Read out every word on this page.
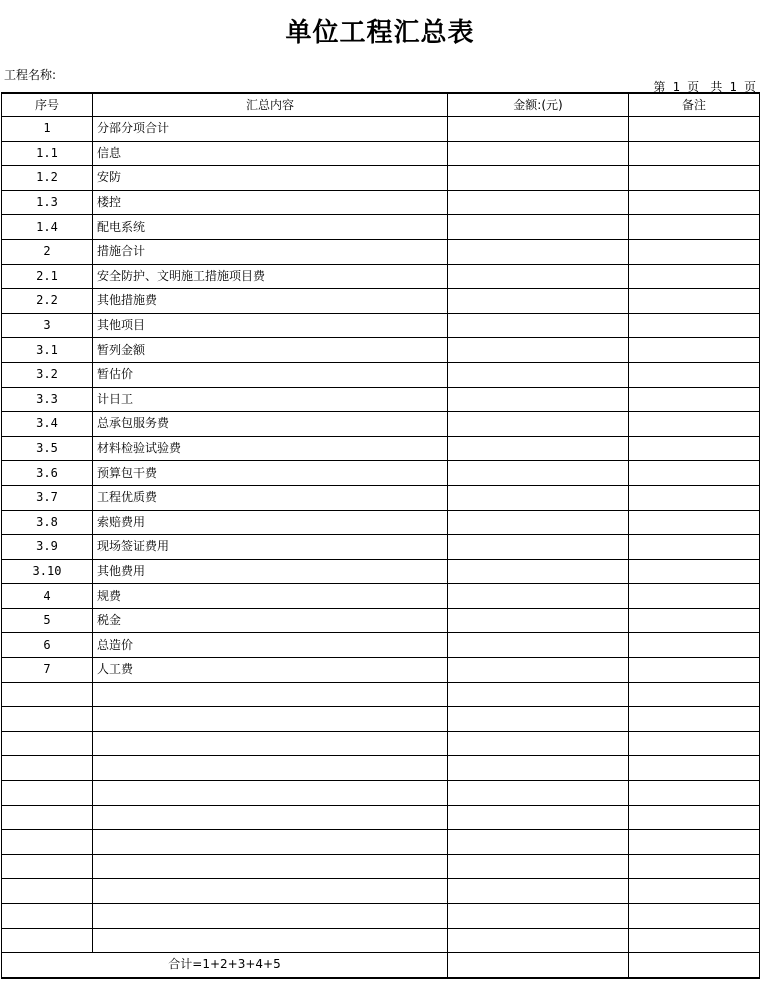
单位工程汇总表
工程名称:
第 1 页 共 1 页
序号	汇总内容	金额:(元)	备注
1	分部分项合计		
1.1	信息		
1.2	安防		
1.3	楼控		
1.4	配电系统		
2	措施合计		
2.1	安全防护、文明施工措施项目费		
2.2	其他措施费		
3	其他项目		
3.1	暂列金额		
3.2	暂估价		
3.3	计日工		
3.4	总承包服务费		
3.5	材料检验试验费		
3.6	预算包干费		
3.7	工程优质费		
3.8	索赔费用		
3.9	现场签证费用		
3.10	其他费用		
4	规费		
5	税金		
6	总造价		
7	人工费		

合计=1+2+3+4+5			
